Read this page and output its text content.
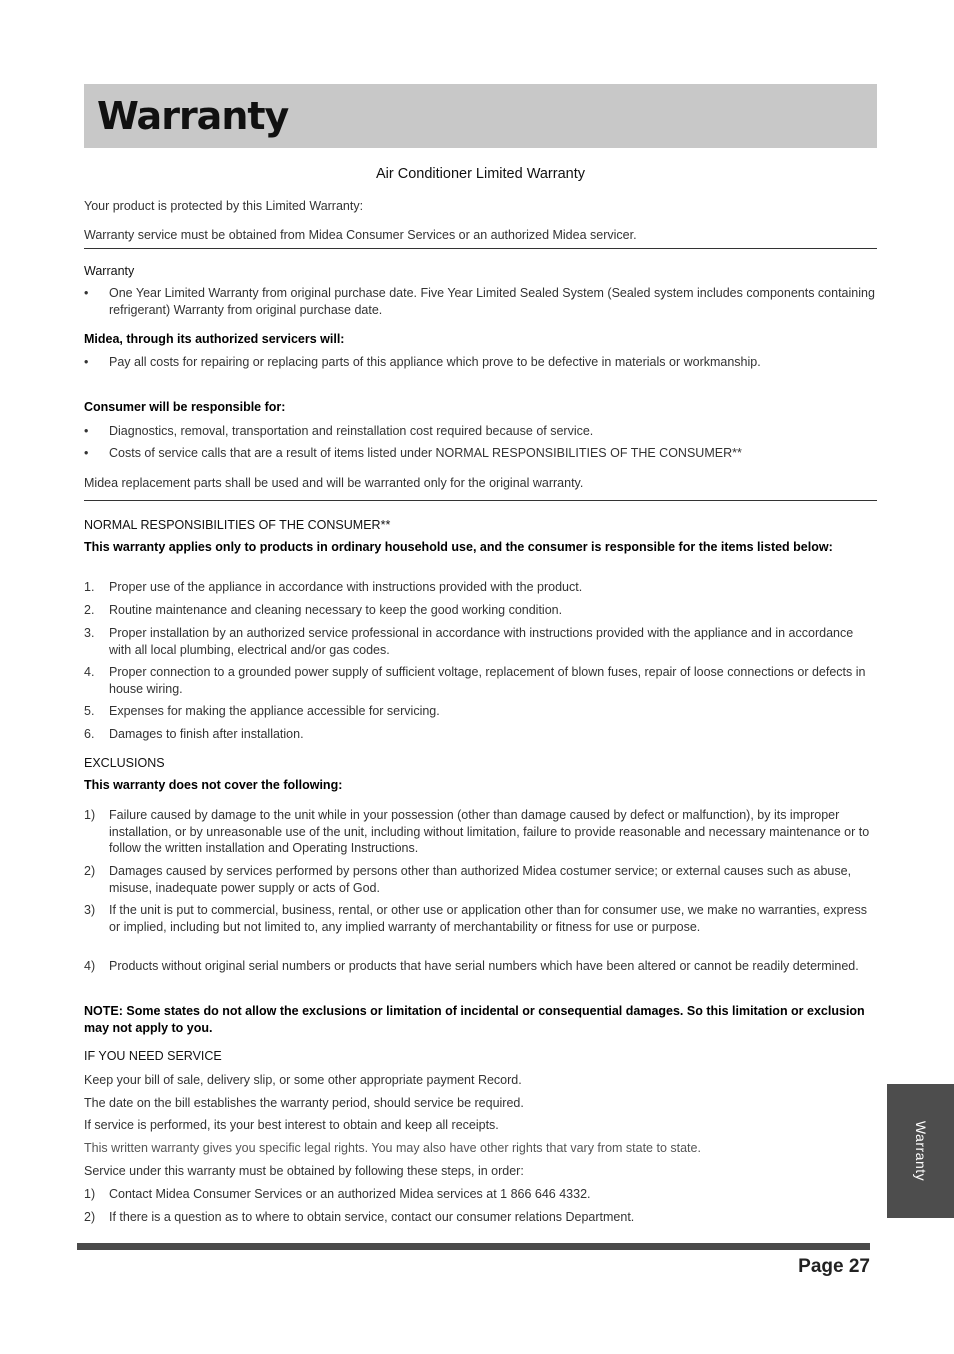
Warranty
Air Conditioner Limited Warranty
Your product is protected by this Limited Warranty:
Warranty service must be obtained from Midea Consumer Services or an authorized Midea servicer.
Warranty
• One Year Limited Warranty from original purchase date. Five Year Limited Sealed System (Sealed system includes components containing refrigerant) Warranty from original purchase date.
Midea, through its authorized servicers will:
• Pay all costs for repairing or replacing parts of this appliance which prove to be defective in materials or workmanship.
Consumer will be responsible for:
• Diagnostics, removal, transportation and reinstallation cost required because of service.
• Costs of service calls that are a result of items listed under NORMAL RESPONSIBILITIES OF THE CONSUMER**
Midea replacement parts shall be used and will be warranted only for the original warranty.
NORMAL RESPONSIBILITIES OF THE CONSUMER**
This warranty applies only to products in ordinary household use, and the consumer is responsible for the items listed below:
1. Proper use of the appliance in accordance with instructions provided with the product.
2. Routine maintenance and cleaning necessary to keep the good working condition.
3. Proper installation by an authorized service professional in accordance with instructions provided with the appliance and in accordance with all local plumbing, electrical and/or gas codes.
4. Proper connection to a grounded power supply of sufficient voltage, replacement of blown fuses, repair of loose connections or defects in house wiring.
5. Expenses for making the appliance accessible for servicing.
6. Damages to finish after installation.
EXCLUSIONS
This warranty does not cover the following:
1) Failure caused by damage to the unit while in your possession (other than damage caused by defect or malfunction), by its improper installation, or by unreasonable use of the unit, including without limitation, failure to provide reasonable and necessary maintenance or to follow the written installation and Operating Instructions.
2) Damages caused by services performed by persons other than authorized Midea costumer service; or external causes such as abuse, misuse, inadequate power supply or acts of God.
3) If the unit is put to commercial, business, rental, or other use or application other than for consumer use, we make no warranties, express or implied, including but not limited to, any implied warranty of merchantability or fitness for use or purpose.
4) Products without original serial numbers or products that have serial numbers which have been altered or cannot be readily determined.
NOTE: Some states do not allow the exclusions or limitation of incidental or consequential damages. So this limitation or exclusion may not apply to you.
IF YOU NEED SERVICE
Keep your bill of sale, delivery slip, or some other appropriate payment Record.
The date on the bill establishes the warranty period, should service be required.
If service is performed, its your best interest to obtain and keep all receipts.
This written warranty gives you specific legal rights. You may also have other rights that vary from state to state.
Service under this warranty must be obtained by following these steps, in order:
1) Contact Midea Consumer Services or an authorized Midea services at 1 866 646 4332.
2) If there is a question as to where to obtain service, contact our consumer relations Department.
Page 27
Warranty
